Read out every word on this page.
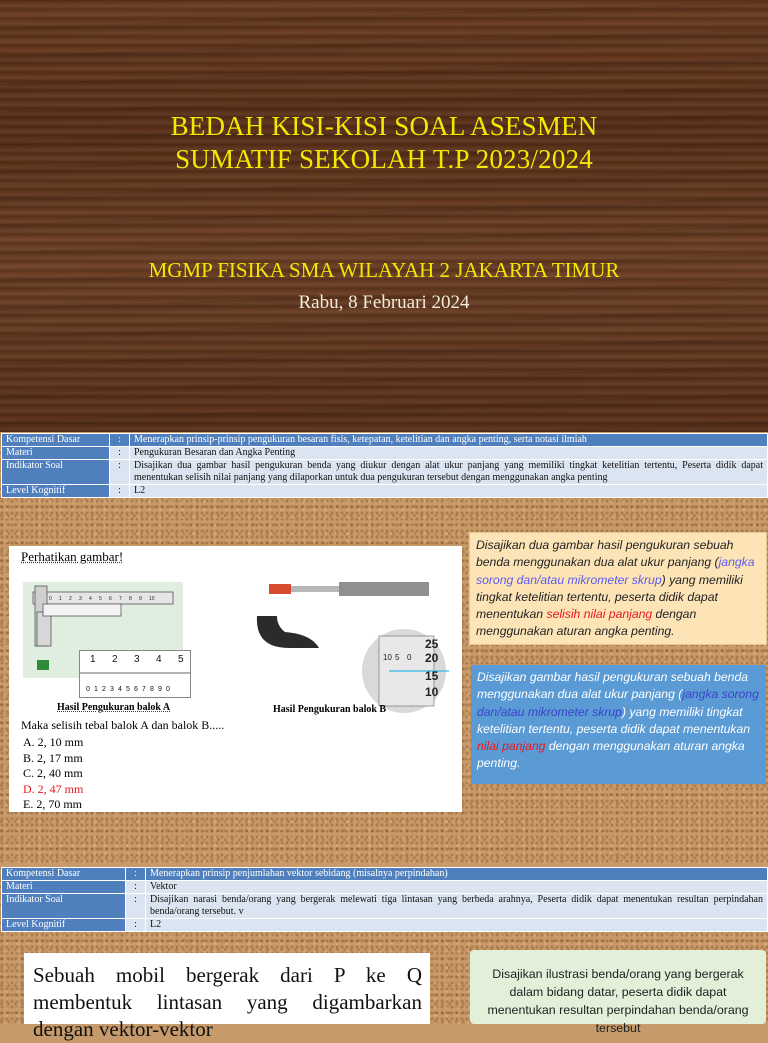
BEDAH KISI-KISI SOAL ASESMEN
SUMATIF SEKOLAH T.P 2023/2024
MGMP FISIKA SMA WILAYAH 2 JAKARTA TIMUR
Rabu, 8 Februari 2024
Kompetensi Dasar	:	Menerapkan prinsip-prinsip pengukuran besaran fisis, ketepatan, ketelitian dan angka penting, serta notasi ilmiah
Materi	:	Pengukuran Besaran dan Angka Penting
Indikator Soal	:	Disajikan dua gambar hasil pengukuran benda yang diukur dengan alat ukur panjang yang memiliki tingkat ketelitian tertentu, Peserta didik dapat menentukan selisih nilai panjang yang dilaporkan untuk dua pengukuran tersebut dengan menggunakan angka penting
Level Kognitif	:	L2
Perhatikan gambar!
0 1 2 3 4 5 6 7 8 9 10
1 2 3 4 5
0 1 2 3 4 5 6 7 8 9 0
25
20
15
10
10 5 0
Hasil Pengukuran balok A	Hasil Pengukuran balok B
Maka selisih tebal balok A dan balok B.....
A. 2, 10 mm
B. 2, 17 mm
C. 2, 40 mm
D. 2, 47 mm
E. 2, 70 mm
Disajikan dua gambar hasil pengukuran sebuah benda menggunakan dua alat ukur panjang (jangka sorong dan/atau mikrometer skrup) yang memiliki tingkat ketelitian tertentu, peserta didik dapat menentukan selisih nilai panjang dengan menggunakan aturan angka penting.
Disajikan gambar hasil pengukuran sebuah benda menggunakan dua alat ukur panjang (jangka sorong dan/atau mikrometer skrup) yang memiliki tingkat ketelitian tertentu, peserta didik dapat menentukan nilai panjang dengan menggunakan aturan angka penting.
Kompetensi Dasar	:	Menerapkan prinsip penjumlahan vektor sebidang (misalnya perpindahan)
Materi	:	Vektor
Indikator Soal	:	Disajikan narasi benda/orang yang bergerak melewati tiga lintasan yang berbeda arahnya, Peserta didik dapat menentukan resultan perpindahan benda/orang tersebut. v
Level Kognitif	:	L2
Sebuah mobil bergerak dari P ke Q membentuk lintasan yang digambarkan dengan vektor-vektor
Disajikan ilustrasi benda/orang yang bergerak dalam bidang datar, peserta didik dapat menentukan resultan perpindahan benda/orang tersebut
